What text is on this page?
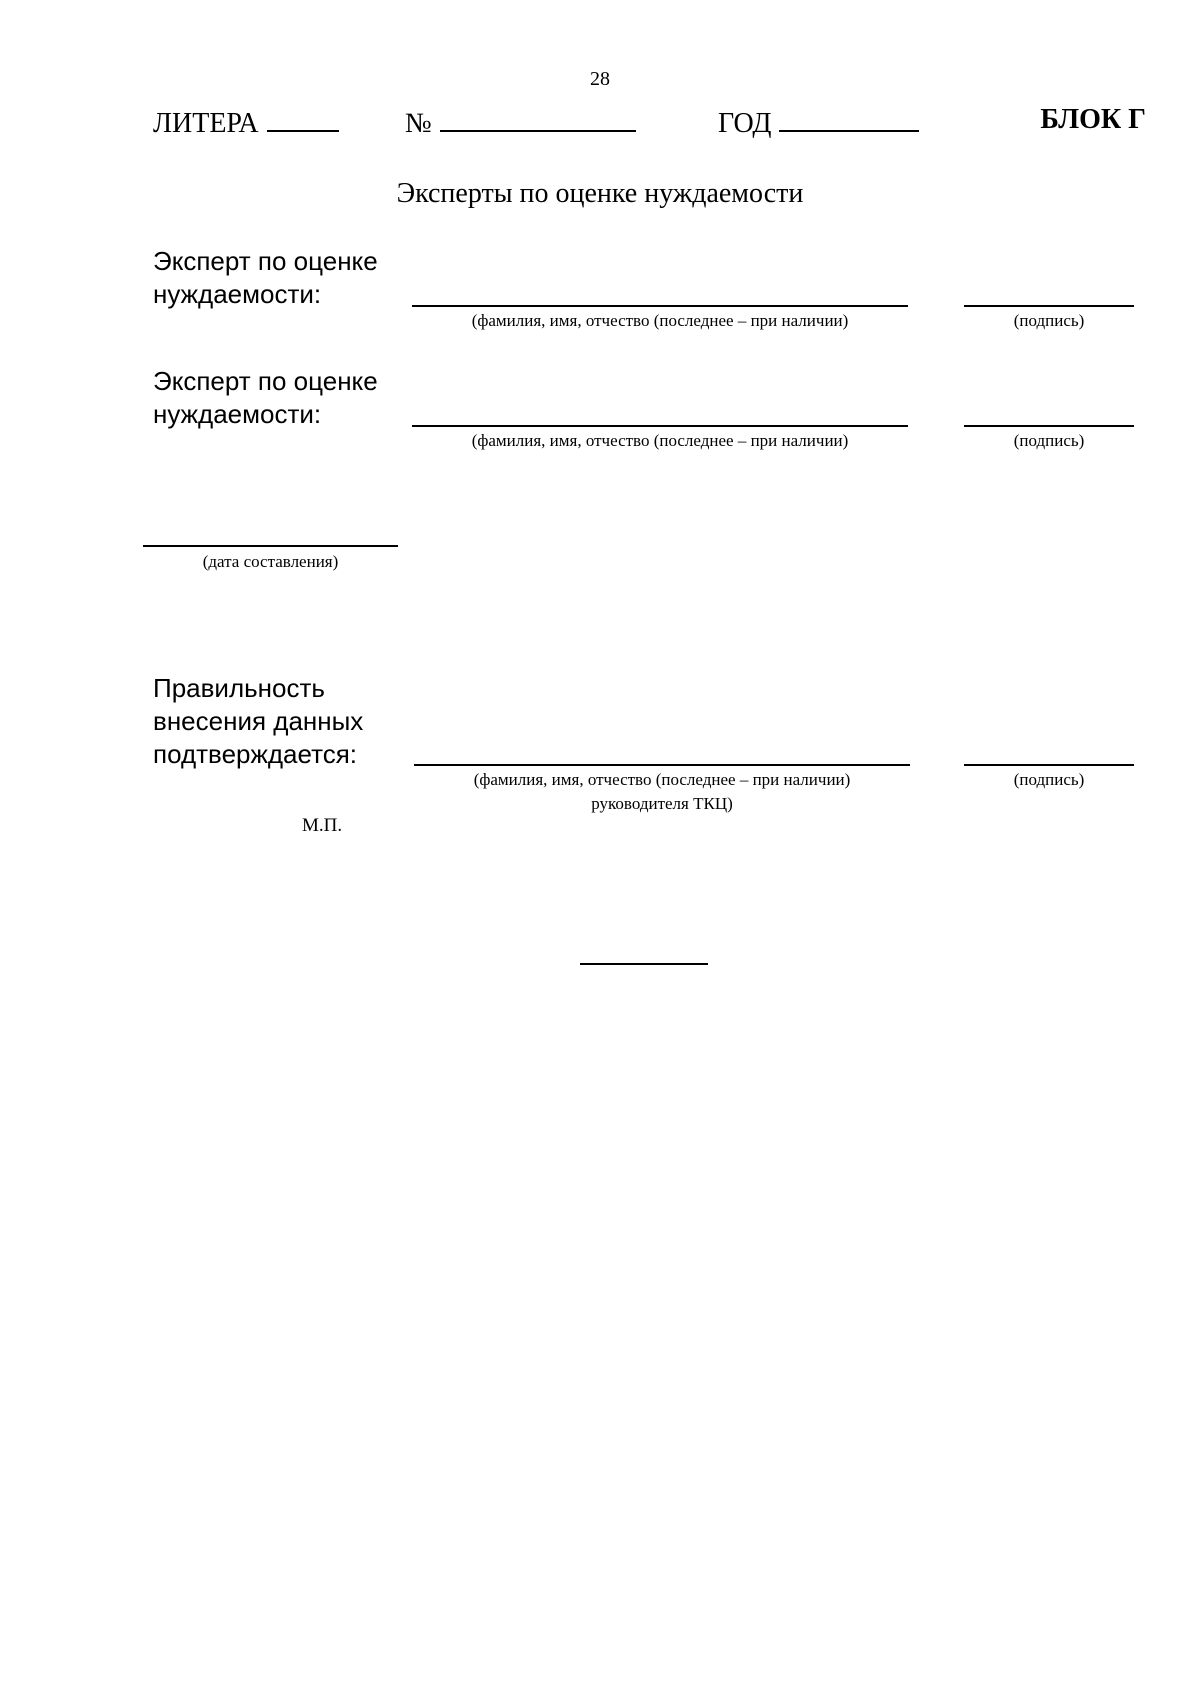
28
ЛИТЕРА	№	ГОД	БЛОК Г
Эксперты по оценке нуждаемости
Эксперт по оценке
нуждаемости:
(фамилия, имя, отчество (последнее – при наличии)	(подпись)
Эксперт по оценке
нуждаемости:
(фамилия, имя, отчество (последнее – при наличии)	(подпись)
(дата составления)
Правильность
внесения данных
подтверждается:
(фамилия, имя, отчество (последнее – при наличии)
руководителя ТКЦ)
(подпись)
М.П.
